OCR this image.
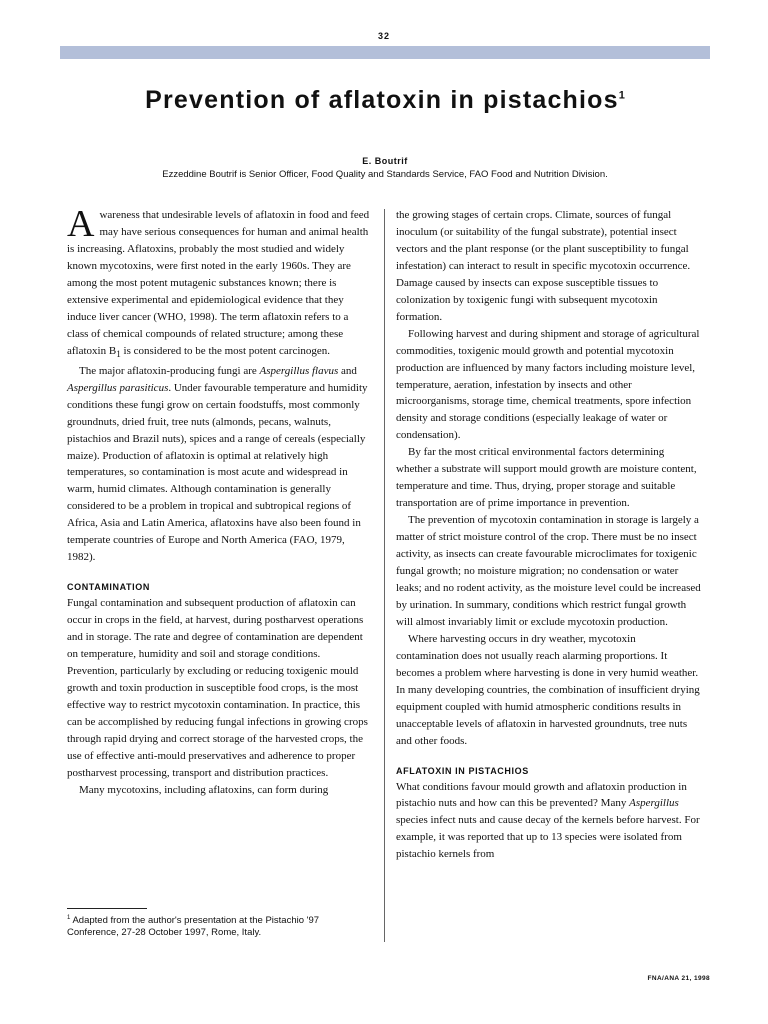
32
Prevention of aflatoxin in pistachios$^1$
E. Boutrif
Ezzeddine Boutrif is Senior Officer, Food Quality and Standards Service, FAO Food and Nutrition Division.

Awareness that undesirable levels of aflatoxin in food and feed may have serious consequences for human and animal health is increasing. Aflatoxins, probably the most studied and widely known mycotoxins, were first noted in the early 1960s. They are among the most potent mutagenic substances known; there is extensive experimental and epidemiological evidence that they induce liver cancer (WHO, 1998). The term aflatoxin refers to a class of chemical compounds of related structure; among these aflatoxin $B_1$ is considered to be the most potent carcinogen.

The major aflatoxin-producing fungi are Aspergillus flavus and Aspergillus parasiticus. Under favourable temperature and humidity conditions these fungi grow on certain foodstuffs, most commonly groundnuts, dried fruit, tree nuts (almonds, pecans, walnuts, pistachios and Brazil nuts), spices and a range of cereals (especially maize). Production of aflatoxin is optimal at relatively high temperatures, so contamination is most acute and widespread in warm, humid climates. Although contamination is generally considered to be a problem in tropical and subtropical regions of Africa, Asia and Latin America, aflatoxins have also been found in temperate countries of Europe and North America (FAO, 1979, 1982).

CONTAMINATION

Fungal contamination and subsequent production of aflatoxin can occur in crops in the field, at harvest, during postharvest operations and in storage. The rate and degree of contamination are dependent on temperature, humidity and soil and storage conditions. Prevention, particularly by excluding or reducing toxigenic mould growth and toxin production in susceptible food crops, is the most effective way to restrict mycotoxin contamination. In practice, this can be accomplished by reducing fungal infections in growing crops through rapid drying and correct storage of the harvested crops, the use of effective anti-mould preservatives and adherence to proper postharvest processing, transport and distribution practices.

Many mycotoxins, including aflatoxins, can form during

the growing stages of certain crops. Climate, sources of fungal inoculum (or suitability of the fungal substrate), potential insect vectors and the plant response (or the plant susceptibility to fungal infestation) can interact to result in specific mycotoxin occurrence. Damage caused by insects can expose susceptible tissues to colonization by toxigenic fungi with subsequent mycotoxin formation.

Following harvest and during shipment and storage of agricultural commodities, toxigenic mould growth and potential mycotoxin production are influenced by many factors including moisture level, temperature, aeration, infestation by insects and other microorganisms, storage time, chemical treatments, spore infection density and storage conditions (especially leakage of water or condensation).

By far the most critical environmental factors determining whether a substrate will support mould growth are moisture content, temperature and time. Thus, drying, proper storage and suitable transportation are of prime importance in prevention.

The prevention of mycotoxin contamination in storage is largely a matter of strict moisture control of the crop. There must be no insect activity, as insects can create favourable microclimates for toxigenic fungal growth; no moisture migration; no condensation or water leaks; and no rodent activity, as the moisture level could be increased by urination. In summary, conditions which restrict fungal growth will almost invariably limit or exclude mycotoxin production.

Where harvesting occurs in dry weather, mycotoxin contamination does not usually reach alarming proportions. It becomes a problem where harvesting is done in very humid weather. In many developing countries, the combination of insufficient drying equipment coupled with humid atmospheric conditions results in unacceptable levels of aflatoxin in harvested groundnuts, tree nuts and other foods.

AFLATOXIN IN PISTACHIOS

What conditions favour mould growth and aflatoxin production in pistachio nuts and how can this be prevented? Many Aspergillus species infect nuts and cause decay of the kernels before harvest. For example, it was reported that up to 13 species were isolated from pistachio kernels from

$^1$ Adapted from the author's presentation at the Pistachio '97 Conference, 27-28 October 1997, Rome, Italy.
FNA/ANA 21, 1998
